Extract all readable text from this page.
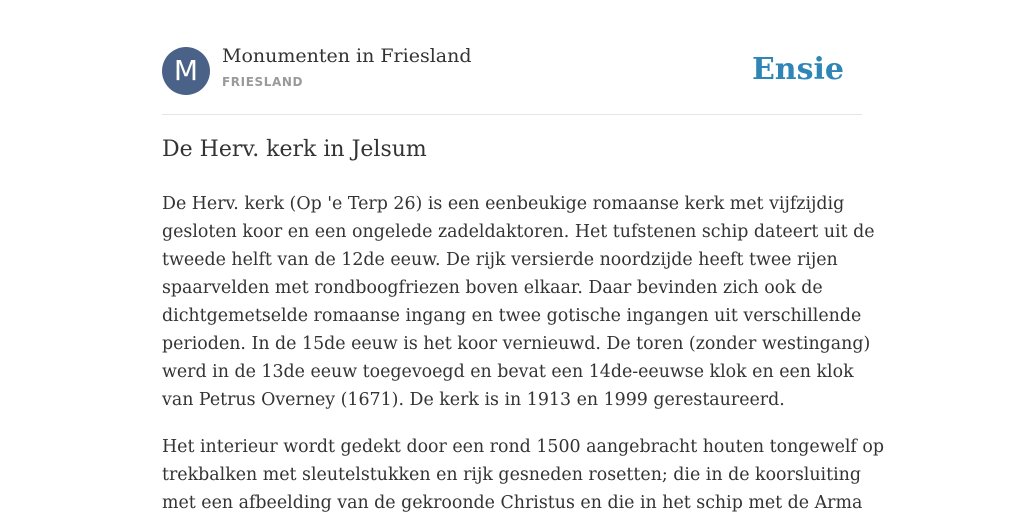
M	Monumenten in Friesland
FRIESLAND	Ensie
De Herv. kerk in Jelsum
De Herv. kerk (Op 'e Terp 26) is een eenbeukige romaanse kerk met vijfzijdig
gesloten koor en een ongelede zadeldaktoren. Het tufstenen schip dateert uit de
tweede helft van de 12de eeuw. De rijk versierde noordzijde heeft twee rijen
spaarvelden met rondboogfriezen boven elkaar. Daar bevinden zich ook de
dichtgemetselde romaanse ingang en twee gotische ingangen uit verschillende
perioden. In de 15de eeuw is het koor vernieuwd. De toren (zonder westingang)
werd in de 13de eeuw toegevoegd en bevat een 14de-eeuwse klok en een klok
van Petrus Overney (1671). De kerk is in 1913 en 1999 gerestaureerd.
Het interieur wordt gedekt door een rond 1500 aangebracht houten tongewelf op
trekbalken met sleutelstukken en rijk gesneden rosetten; die in de koorsluiting
met een afbeelding van de gekroonde Christus en die in het schip met de Arma
